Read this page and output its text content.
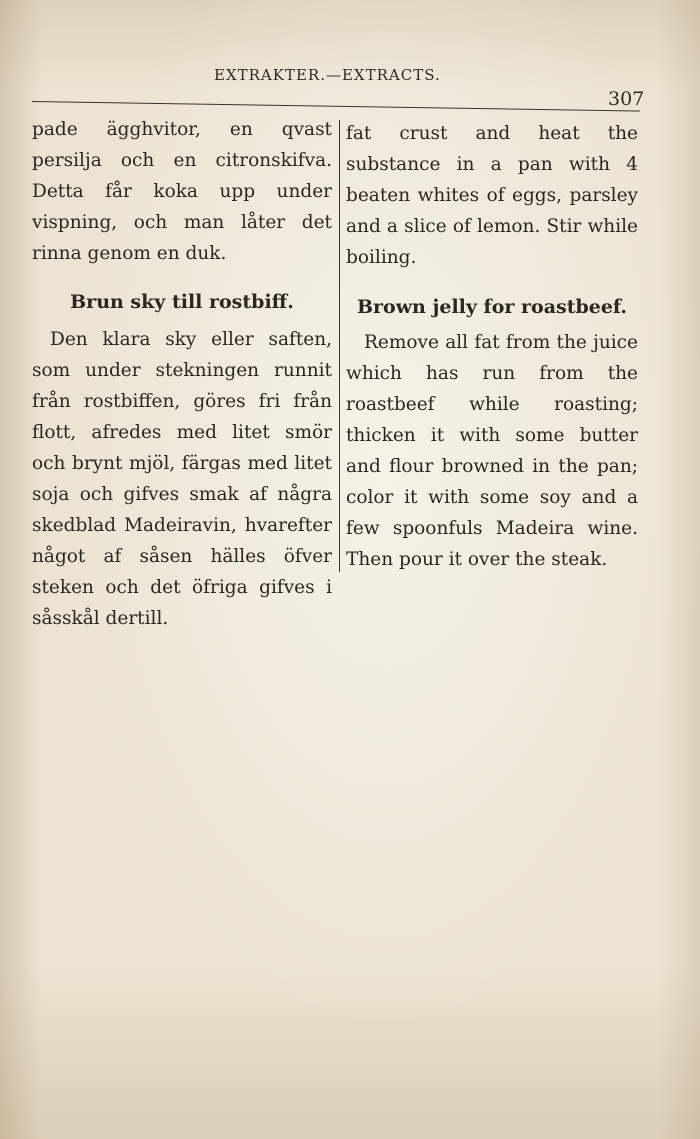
EXTRAKTER.—EXTRACTS.
307

pade ägghvitor, en qvast persilja och en citronskifva. Detta får koka upp under vispning, och man låter det rinna genom en duk.

Brun sky till rostbiff.

Den klara sky eller saften, som under stekningen runnit från rostbiffen, göres fri från flott, afredes med litet smör och brynt mjöl, färgas med litet soja och gifves smak af några skedblad Madeiravin, hvarefter något af såsen hälles öfver steken och det öfriga gifves i såsskål dertill.

fat crust and heat the substance in a pan with 4 beaten whites of eggs, parsley and a slice of lemon. Stir while boiling.

Brown jelly for roastbeef.

Remove all fat from the juice which has run from the roastbeef while roasting; thicken it with some butter and flour browned in the pan; color it with some soy and a few spoonfuls Madeira wine. Then pour it over the steak.
